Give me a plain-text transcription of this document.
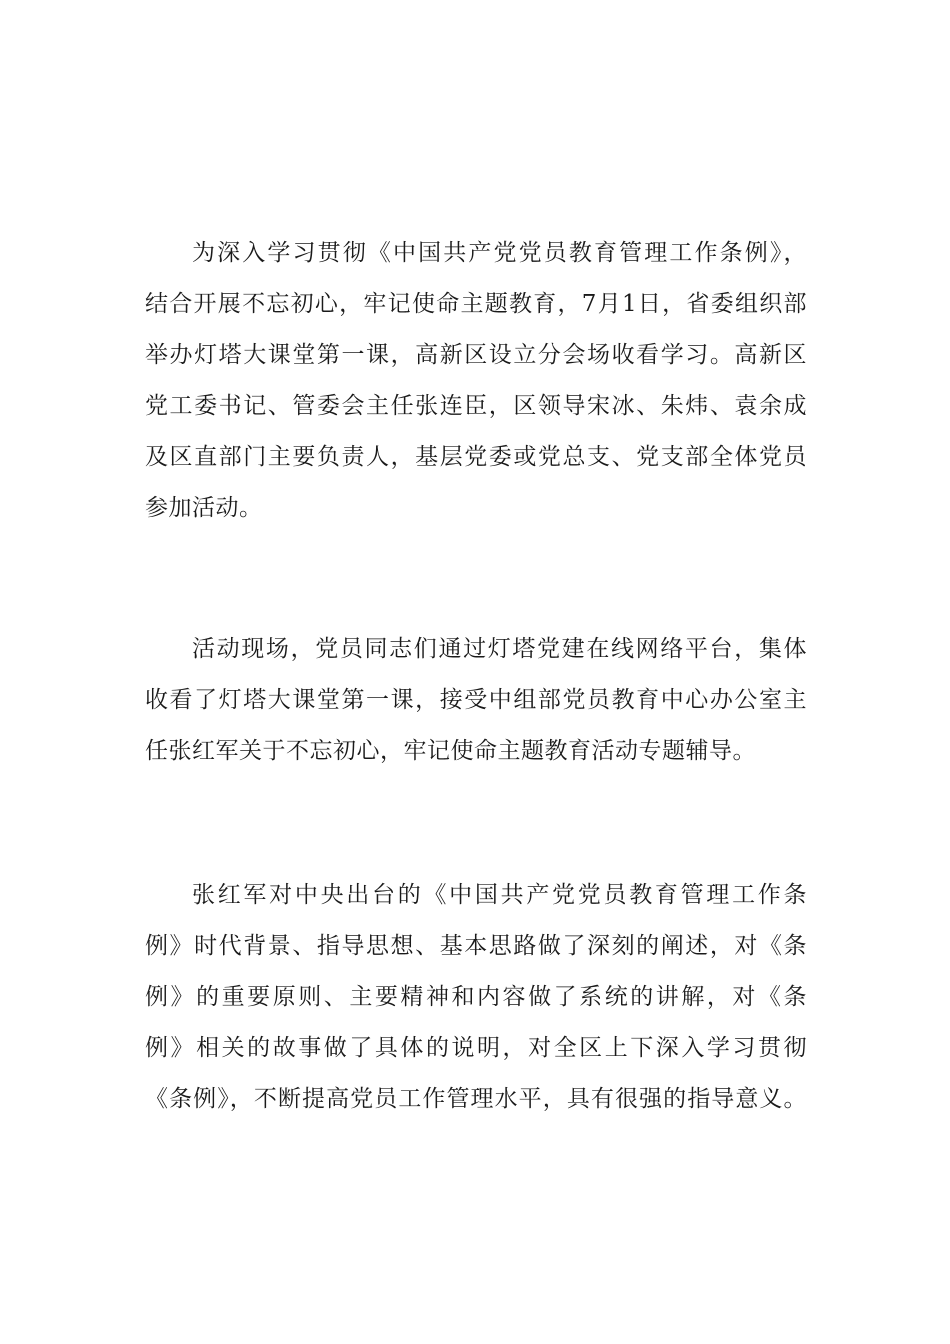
为深入学习贯彻《中国共产党党员教育管理工作条例》，
结合开展不忘初心，牢记使命主题教育，7月1日，省委组织部
举办灯塔大课堂第一课，高新区设立分会场收看学习。高新区
党工委书记、管委会主任张连臣，区领导宋冰、朱炜、袁余成
及区直部门主要负责人，基层党委或党总支、党支部全体党员
参加活动。
活动现场，党员同志们通过灯塔党建在线网络平台，集体
收看了灯塔大课堂第一课，接受中组部党员教育中心办公室主
任张红军关于不忘初心，牢记使命主题教育活动专题辅导。
张红军对中央出台的《中国共产党党员教育管理工作条
例》时代背景、指导思想、基本思路做了深刻的阐述，对《条
例》的重要原则、主要精神和内容做了系统的讲解，对《条
例》相关的故事做了具体的说明，对全区上下深入学习贯彻
《条例》，不断提高党员工作管理水平，具有很强的指导意义。
